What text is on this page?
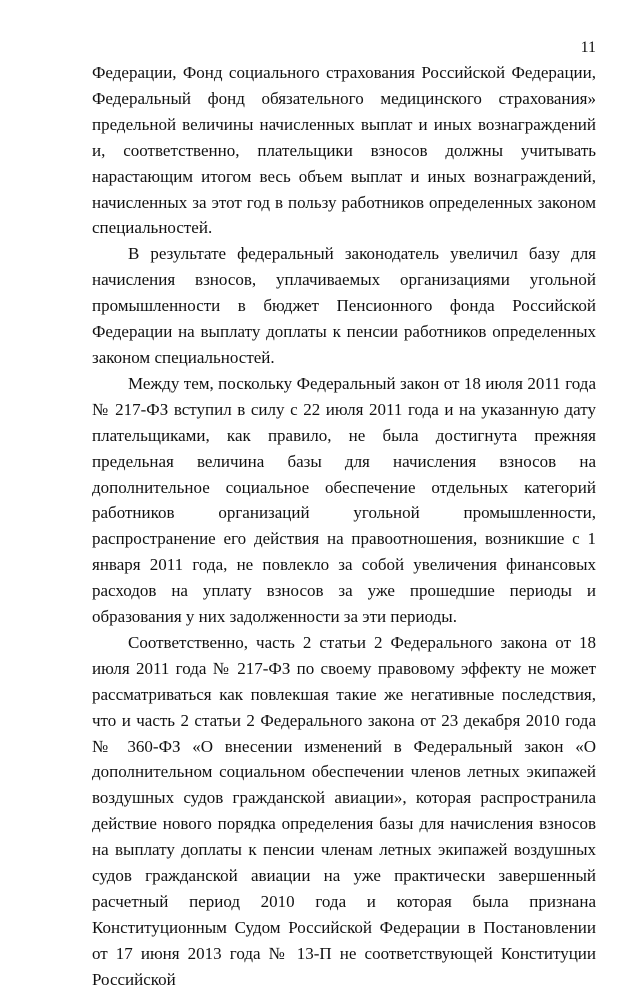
11

Федерации, Фонд социального страхования Российской Федерации, Федеральный фонд обязательного медицинского страхования» предельной величины начисленных выплат и иных вознаграждений и, соответственно, плательщики взносов должны учитывать нарастающим итогом весь объем выплат и иных вознаграждений, начисленных за этот год в пользу работников определенных законом специальностей.

В результате федеральный законодатель увеличил базу для начисления взносов, уплачиваемых организациями угольной промышленности в бюджет Пенсионного фонда Российской Федерации на выплату доплаты к пенсии работников определенных законом специальностей.

Между тем, поскольку Федеральный закон от 18 июля 2011 года № 217-ФЗ вступил в силу с 22 июля 2011 года и на указанную дату плательщиками, как правило, не была достигнута прежняя предельная величина базы для начисления взносов на дополнительное социальное обеспечение отдельных категорий работников организаций угольной промышленности, распространение его действия на правоотношения, возникшие с 1 января 2011 года, не повлекло за собой увеличения финансовых расходов на уплату взносов за уже прошедшие периоды и образования у них задолженности за эти периоды.

Соответственно, часть 2 статьи 2 Федерального закона от 18 июля 2011 года № 217-ФЗ по своему правовому эффекту не может рассматриваться как повлекшая такие же негативные последствия, что и часть 2 статьи 2 Федерального закона от 23 декабря 2010 года № 360-ФЗ «О внесении изменений в Федеральный закон «О дополнительном социальном обеспечении членов летных экипажей воздушных судов гражданской авиации», которая распространила действие нового порядка определения базы для начисления взносов на выплату доплаты к пенсии членам летных экипажей воздушных судов гражданской авиации на уже практически завершенный расчетный период 2010 года и которая была признана Конституционным Судом Российской Федерации в Постановлении от 17 июня 2013 года № 13-П не соответствующей Конституции Российской
